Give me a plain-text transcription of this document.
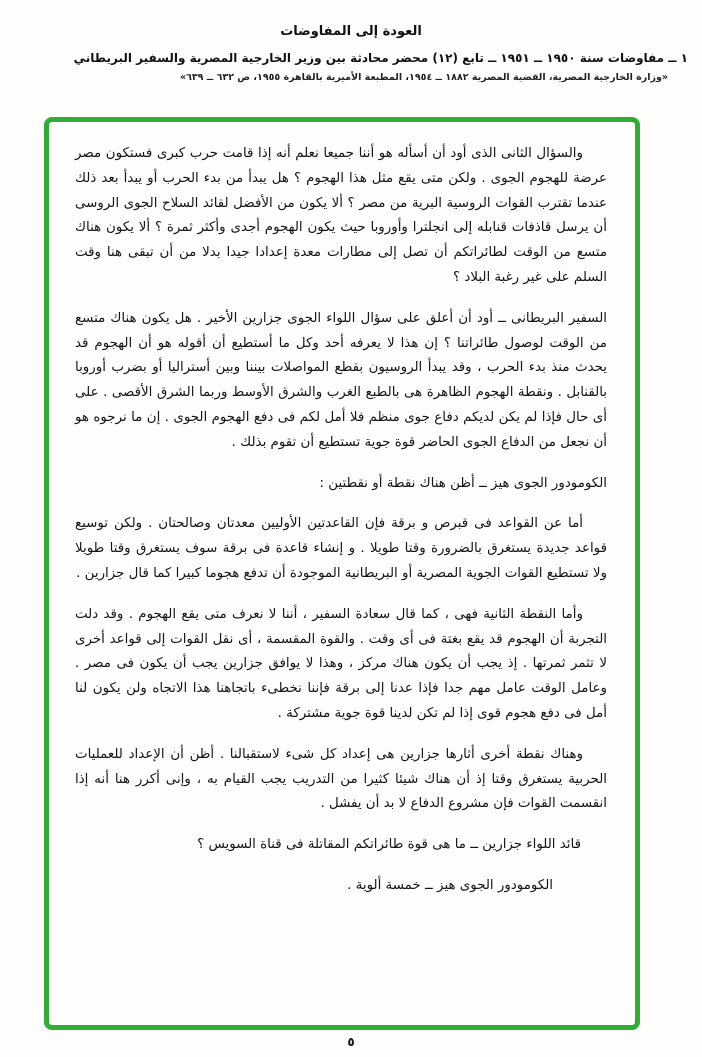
العودة إلى المفاوضات
١ ــ مفاوضات سنة ١٩٥٠ ــ ١٩٥١ ــ تابع (١٢) محضر محادثة بين وزير الخارجية المصرية والسفير البريطاني
«وزارة الخارجية المصرية، القضية المصرية ١٨٨٢ ــ ١٩٥٤، المطبعة الأميرية بالقاهرة ١٩٥٥، ص ٦٣٢ ــ ٦٣٩»

والسؤال الثانى الذى أود أن أسأله هو أننا جميعا نعلم أنه إذا قامت حرب كبرى فستكون مصر عرضة للهجوم الجوى . ولكن متى يقع مثل هذا الهجوم ؟ هل يبدأ من بدء الحرب أو يبدأ بعد ذلك عندما تقترب القوات الروسية البرية من مصر ؟ ألا يكون من الأفضل لقائد السلاح الجوى الروسى أن يرسل قاذفات قنابله إلى انجلترا وأوروبا حيث يكون الهجوم أجدى وأكثر ثمرة ؟ ألا يكون هناك متسع من الوقت لطائراتكم أن تصل إلى مطارات معدة إعدادا جيدا بدلا من أن تبقى هنا وقت السلم على غير رغبة البلاد ؟

السفير البريطانى ــ أود أن أعلق على سؤال اللواء الجوى جزارين الأخير . هل يكون هناك متسع من الوقت لوصول طائراتنا ؟ إن هذا لا يعرفه أحد وكل ما أستطيع أن أقوله هو أن الهجوم قد يحدث منذ بدء الحرب ، وقد يبدأ الروسيون بقطع المواصلات بيننا وبين أستراليا أو بضرب أوروبا بالقنابل . ونقطة الهجوم الظاهرة هى بالطبع الغرب والشرق الأوسط وربما الشرق الأقصى . على أى حال فإذا لم يكن لديكم دفاع جوى منظم فلا أمل لكم فى دفع الهجوم الجوى . إن ما نرجوه هو أن نجعل من الدفاع الجوى الحاضر قوة جوية تستطيع أن تقوم بذلك .

الكومودور الجوى هيز ــ أظن هناك نقطة أو نقطتين :

أما عن القواعد فى قبرص و برقة فإن القاعدتين الأوليين معدتان وصالحتان . ولكن توسيع قواعد جديدة يستغرق بالضرورة وقتا طويلا . و إنشاء قاعدة فى برقة سوف يستغرق وقتا طويلا ولا تستطيع القوات الجوية المصرية أو البريطانية الموجودة أن تدفع هجوما كبيرا كما قال جزارين .

وأما النقطة الثانية فهى ، كما قال سعادة السفير ، أننا لا نعرف متى يقع الهجوم . وقد دلت التجربة أن الهجوم قد يقع بغتة فى أى وقت . والقوة المقسمة ، أى نقل القوات إلى قواعد أخرى لا تثمر ثمرتها . إذ يجب أن يكون هناك مركز ، وهذا لا يوافق جزارين يجب أن يكون فى مصر . وعامل الوقت عامل مهم جدا فإذا عدنا إلى برقة فإننا نخطىء باتجاهنا هذا الاتجاه ولن يكون لنا أمل فى دفع هجوم قوى إذا لم تكن لدينا قوة جوية مشتركة .

وهناك نقطة أخرى أثارها جزارين هى إعداد كل شىء لاستقبالنا . أظن أن الإعداد للعمليات الحربية يستغرق وقتا إذ أن هناك شيئا كثيرا من التدريب يجب القيام به ، وإنى أكرر هنا أنه إذا انقسمت القوات فإن مشروع الدفاع لا بد أن يفشل .

قائد اللواء جزارين ــ ما هى قوة طائراتكم المقاتلة فى قناة السويس ؟

الكومودور الجوى هيز ــ خمسة ألوية .

٥
